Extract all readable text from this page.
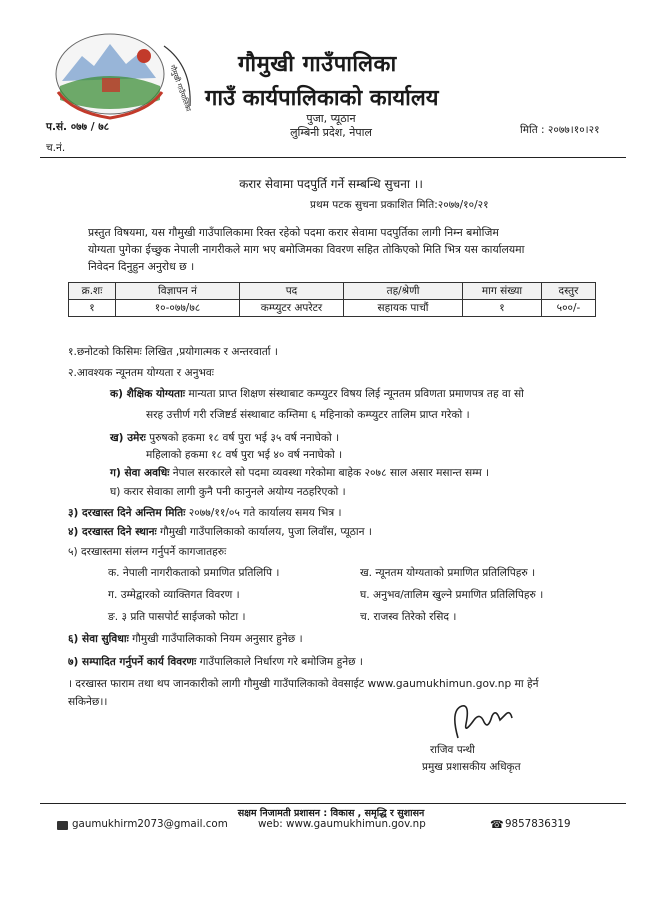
गौमुखी गाउँपालिका गौमुखी गाउँपालिका
गाउँ कार्यपालिकाको कार्यालय
पुजा, प्यूठान
लुम्बिनी प्रदेश, नेपाल
प.सं. ०७७ / ७८
च.नं.
मिति : २०७७।१०।२१
करार सेवामा पदपुर्ति गर्ने सम्बन्धि सुचना ।।
प्रथम पटक सुचना प्रकाशित मिति:२०७७/१०/२१

प्रस्तुत विषयमा, यस गौमुखी गाउँपालिकामा रिक्त रहेको पदमा करार सेवामा पदपुर्तिका लागी निम्न बमोजिम

योग्यता पुगेका ईच्छुक नेपाली नागरीकले माग भए बमोजिमका विवरण सहित तोकिएको मिति भित्र यस कार्यालयमा

निवेदन दिनुहुन अनुरोध छ ।

क्र.शः	विज्ञापन नं	पद	तह/श्रेणी	माग संख्या	दस्तुर
१	१०-०७७/७८	कम्प्युटर अपरेटर	सहायक पाचौं	१	५००/-
१.छनोटको किसिमः लिखित ,प्रयोगात्मक र अन्तरवार्ता ।
२.आवश्यक न्यूनतम योग्यता र अनुभवः
क) शैक्षिक योग्यताः मान्यता प्राप्त शिक्षण संस्थाबाट कम्प्युटर विषय लिई न्यूनतम प्रविणता प्रमाणपत्र तह वा सो
सरह उत्तीर्ण गरी रजिष्टर्ड संस्थाबाट कम्तिमा ६ महिनाको कम्प्युटर तालिम प्राप्त गरेको ।
ख) उमेरः पुरुषको हकमा १८ वर्ष पुरा भई ३५ वर्ष ननाघेको ।
महिलाको हकमा १८ वर्ष पुरा भई ४० वर्ष ननाघेको ।
ग) सेवा अवधिः नेपाल सरकारले सो पदमा व्यवस्था गरेकोमा बाहेक २०७८ साल असार मसान्त सम्म ।
घ) करार सेवाका लागी कुनै पनी कानुनले अयोग्य नठहरिएको ।
३) दरखास्त दिने अन्तिम मितिः २०७७/११/०५ गते कार्यालय समय भित्र ।
४) दरखास्त दिने स्थानः गौमुखी गाउँपालिकाको कार्यालय, पुजा लिवाँस, प्यूठान ।
५) दरखास्तमा संलग्न गर्नुपर्ने कागजातहरुः
क. नेपाली नागरीकताको प्रमाणित प्रतिलिपि ।	ख. न्यूनतम योग्यताको प्रमाणित प्रतिलिपिहरु ।
ग. उम्मेद्वारको व्याक्तिगत विवरण ।	घ. अनुभव/तालिम खुल्ने प्रमाणित प्रतिलिपिहरु ।
ङ. ३ प्रति पासपोर्ट साईजको फोटा ।	च. राजस्व तिरेको रसिद ।
६) सेवा सुविधाः गौमुखी गाउँपालिकाको नियम अनुसार हुनेछ ।
७) सम्पादित गर्नुपर्ने कार्य विवरणः गाउँपालिकाले निर्धारण गरे बमोजिम हुनेछ ।
। दरखास्त फाराम तथा थप जानकारीको लागी गौमुखी गाउँपालिकाको वेवसाईट www.gaumukhimun.gov.np मा हेर्न
सकिनेछ।।
राजिव पन्थी
प्रमुख प्रशासकीय अधिकृत
सक्षम निजामती प्रशासन : विकास , समृद्धि र सुशासन
gaumukhirm2073@gmail.com	web: www.gaumukhimun.gov.np	☎ 9857836319
